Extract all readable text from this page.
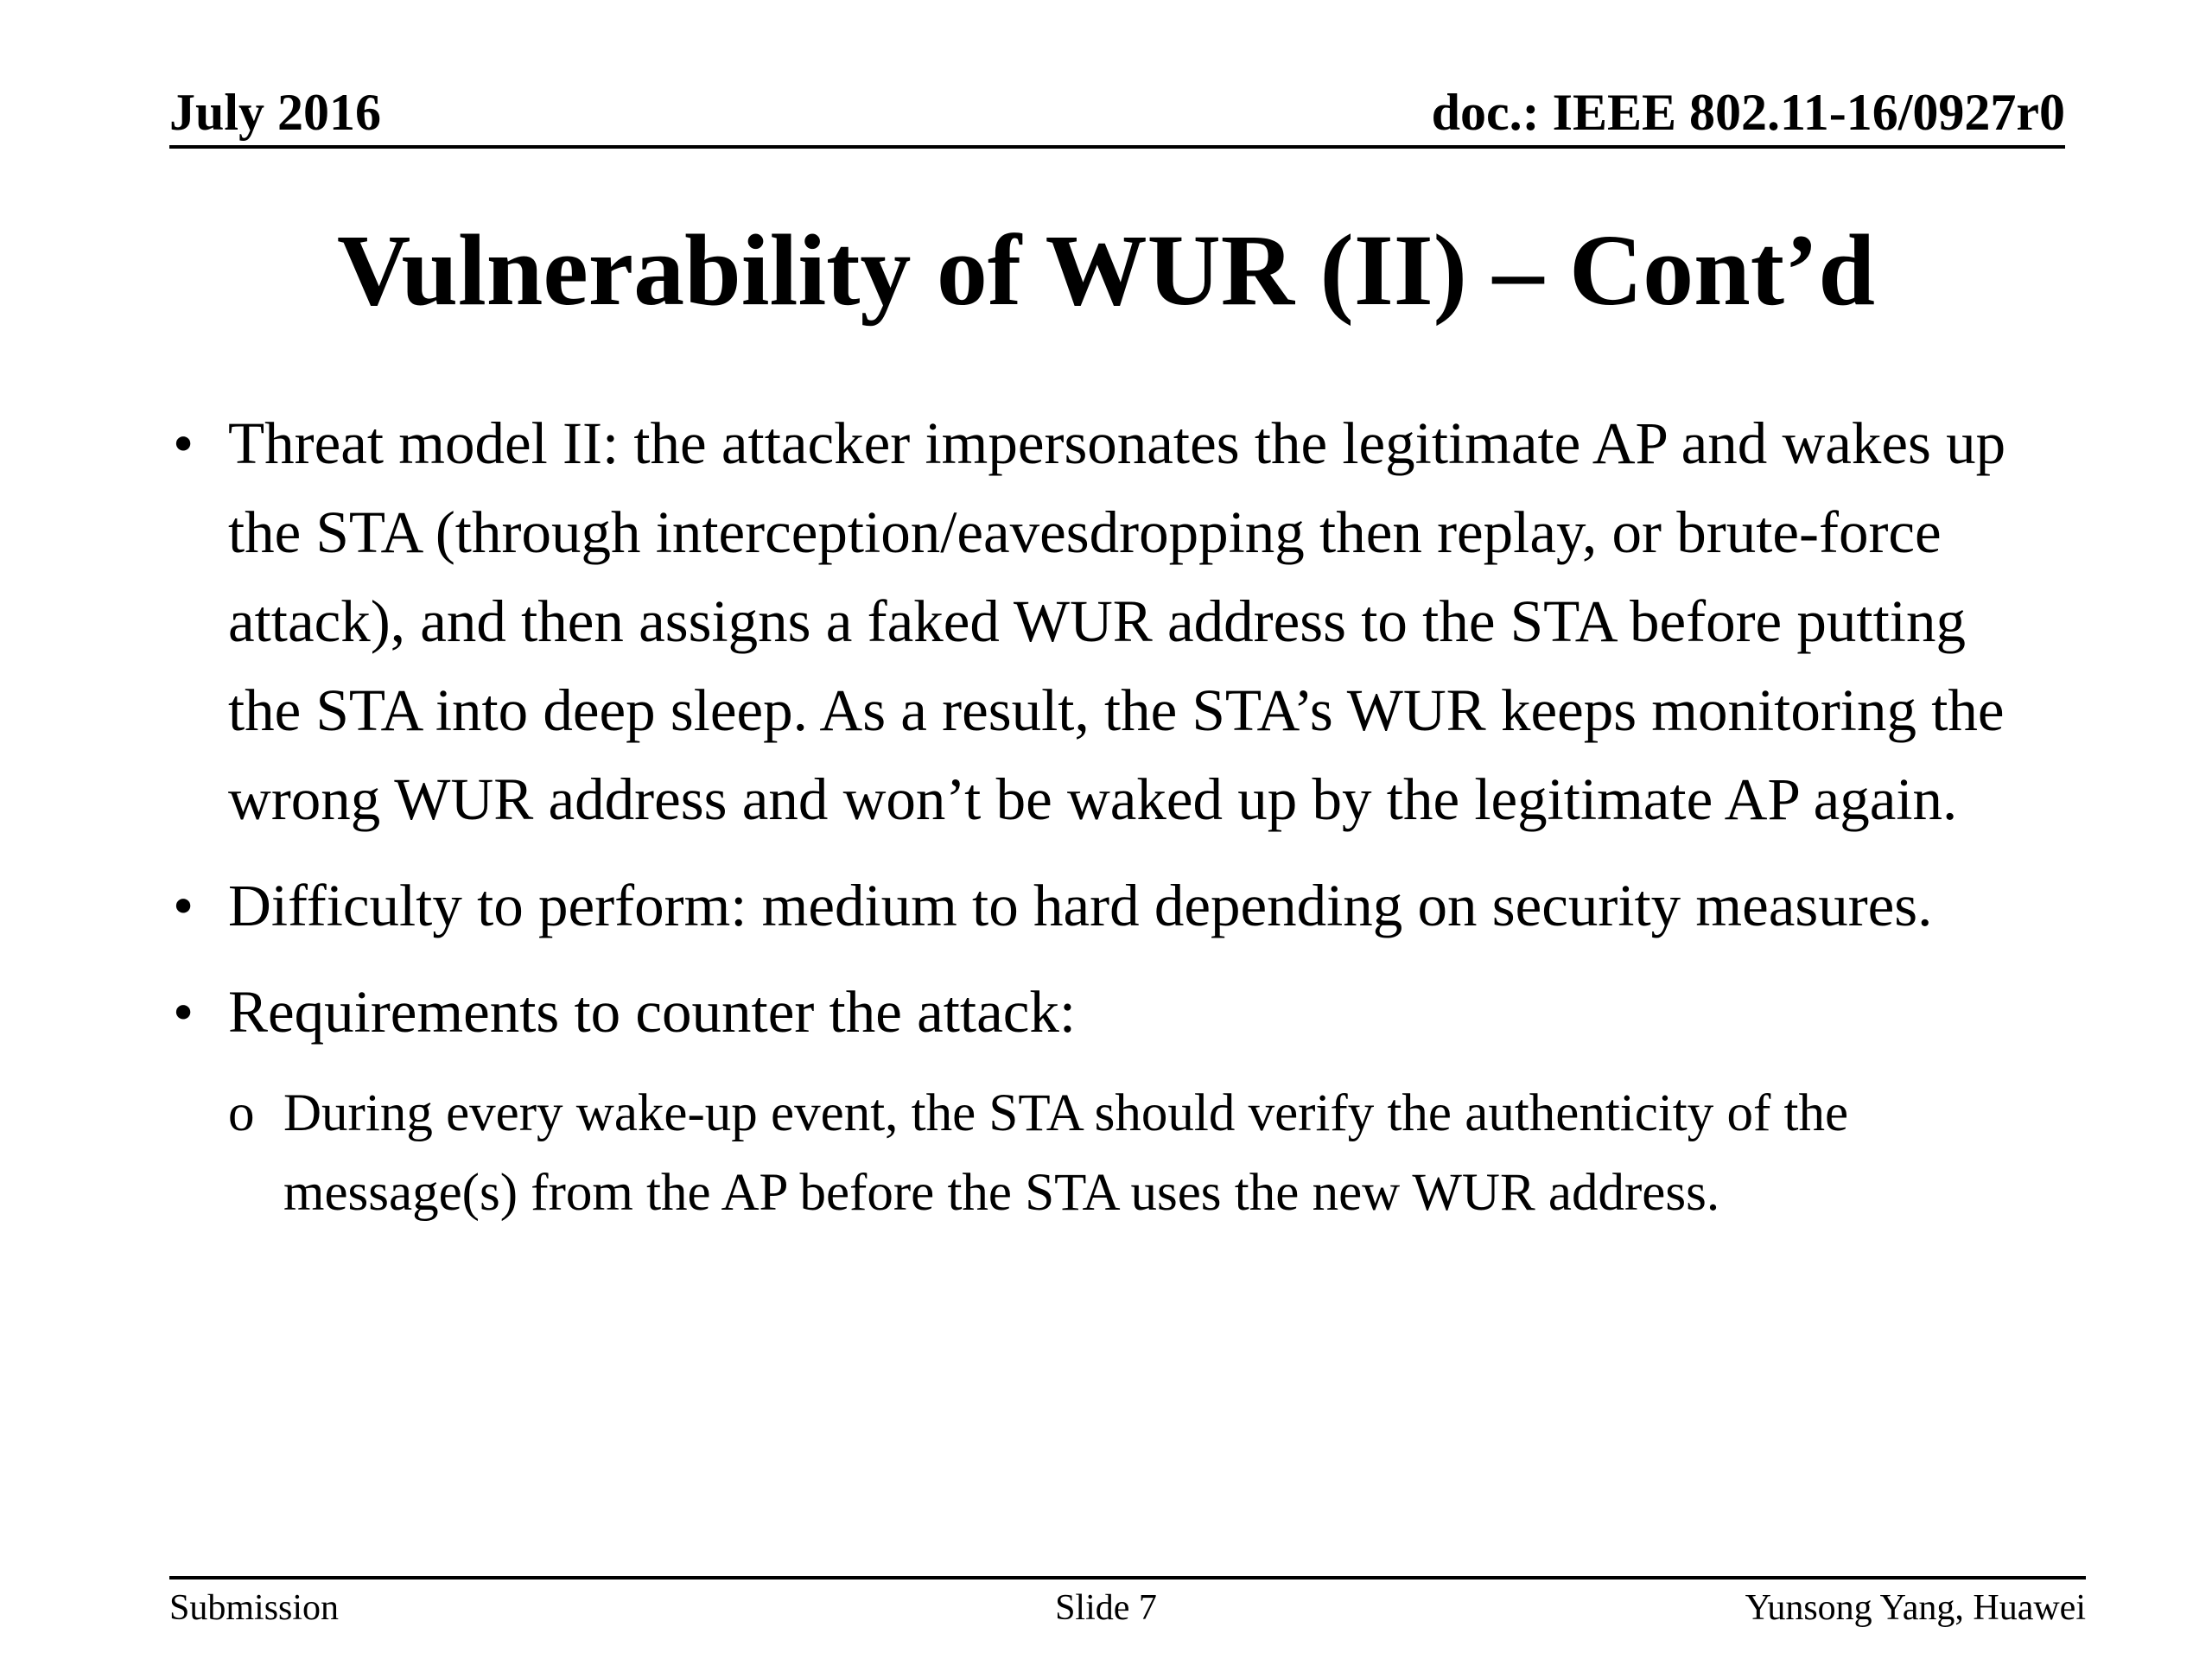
July 2016	doc.: IEEE 802.11-16/0927r0
Vulnerability of WUR (II) – Cont’d
• Threat model II: the attacker impersonates the legitimate AP and wakes up the STA (through interception/eavesdropping then replay, or brute-force attack), and then assigns a faked WUR address to the STA before putting the STA into deep sleep. As a result, the STA’s WUR keeps monitoring the wrong WUR address and won’t be waked up by the legitimate AP again.
• Difficulty to perform: medium to hard depending on security measures.
• Requirements to counter the attack:
o During every wake-up event, the STA should verify the authenticity of the message(s) from the AP before the STA uses the new WUR address.
Submission	Slide 7	Yunsong Yang, Huawei
